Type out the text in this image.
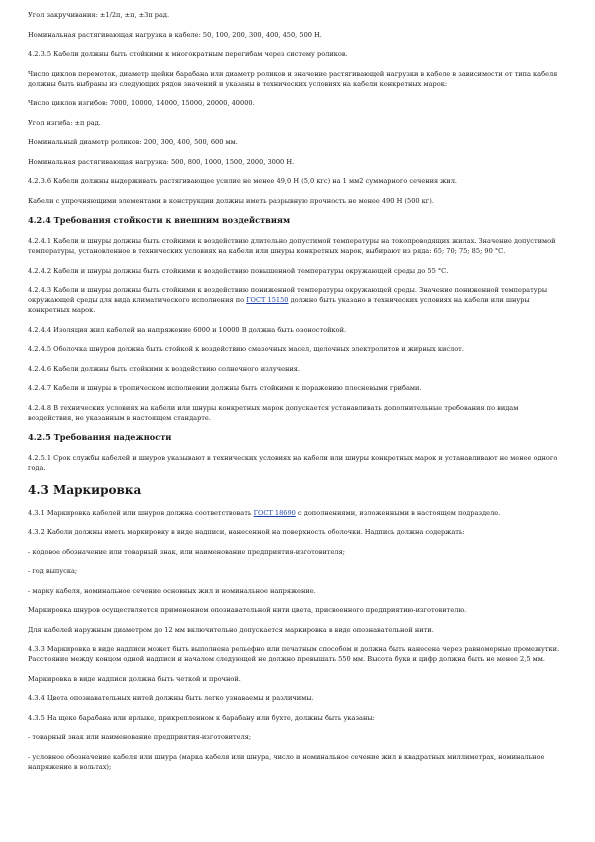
Угол закручивания: ±1/2π, ±π, ±3π рад.
Номинальная растягивающая нагрузка в кабеле: 50, 100, 200, 300, 400, 450, 500 Н.
4.2.3.5 Кабели должны быть стойкими к многократным перегибам через систему роликов.
Число циклов перемоток, диаметр щейки барабана или диаметр роликов и значение растягивающей нагрузки в кабеле в зависимости от типа кабеля должны быть выбраны из следующих рядов значений и указаны в технических условиях на кабели конкретных марок:
Число циклов изгибов: 7000, 10000, 14000, 15000, 20000, 40000.
Угол изгиба: ±π рад.
Номинальный диаметр роликов: 200, 300, 400, 500, 600 мм.
Номинальная растягивающая нагрузка: 500, 800, 1000, 1500, 2000, 3000 Н.
4.2.3.6 Кабели должны выдерживать растягивающее усилие не менее 49,0 Н (5,0 кгс) на 1 мм2 суммарного сечения жил.
Кабели с упрочняющими элементами в конструкции должны иметь разрывную прочность не менее 490 Н (500 кг).
4.2.4 Требования стойкости к внешним воздействиям
4.2.4.1 Кабели и шнуры должны быть стойкими к воздействию длительно допустимой температуры на токопроводящих жилах. Значение допустимой температуры, установленное в технических условиях на кабели или шнуры конкретных марок, выбирают из ряда: 65; 70; 75; 85; 90 °С.
4.2.4.2 Кабели и шнуры должны быть стойкими к воздействию повышенной температуры окружающей среды до 55 °С.
4.2.4.3 Кабели и шнуры должны быть стойкими к воздействию пониженной температуры окружающей среды. Значение пониженной температуры окружающей среды для вида климатического исполнения по ГОСТ 15150 должно быть указано в технических условиях на кабели или шнуры конкретных марок.
4.2.4.4 Изоляция жил кабелей на напряжение 6000 и 10000 В должна быть озоностойкой.
4.2.4.5 Оболочка шнуров должна быть стойкой к воздействию смазочных масел, щелочных электролитов и жирных кислот.
4.2.4.6 Кабели должны быть стойкими к воздействию солнечного излучения.
4.2.4.7 Кабели и шнуры в тропическом исполнении должны быть стойкими к поражению плесневыми грибами.
4.2.4.8 В технических условиях на кабели или шнуры конкретных марок допускается устанавливать дополнительные требования по видам воздействия, не указанным в настоящем стандарте.
4.2.5 Требования надежности
4.2.5.1 Срок службы кабелей и шнуров указывают в технических условиях на кабели или шнуры конкретных марок и устанавливают не менее одного года.
4.3 Маркировка
4.3.1 Маркировка кабелей или шнуров должна соответствовать ГОСТ 18690 с дополнениями, изложенными в настоящем подразделе.
4.3.2 Кабели должны иметь маркировку в виде надписи, нанесенной на поверхность оболочки. Надпись должна содержать:
- кодовое обозначение или товарный знак, или наименование предприятия-изготовителя;
- год выпуска;
- марку кабеля, номинальное сечение основных жил и номинальное напряжение.
Маркировка шнуров осуществляется применением опознавательной нити цвета, присвоенного предприятию-изготовителю.
Для кабелей наружным диаметром до 12 мм включительно допускается маркировка в виде опознавательной нити.
4.3.3 Маркировка в виде надписи может быть выполнена рельефно или печатным способом и должна быть нанесена через равномерные промежутки. Расстояние между концом одной надписи и началом следующей не должно превышать 550 мм. Высота букв и цифр должна быть не менее 2,5 мм.
Маркировка в виде надписи должна быть четкой и прочной.
4.3.4 Цвета опознавательных нитей должны быть легко узнаваемы и различимы.
4.3.5 На щеке барабана или ярлыке, прикрепленном к барабану или бухте, должны быть указаны:
- товарный знак или наименование предприятия-изготовителя;
- условное обозначение кабеля или шнура (марка кабеля или шнура, число и номинальное сечение жил в квадратных миллиметрах, номинальное напряжение в вольтах);
